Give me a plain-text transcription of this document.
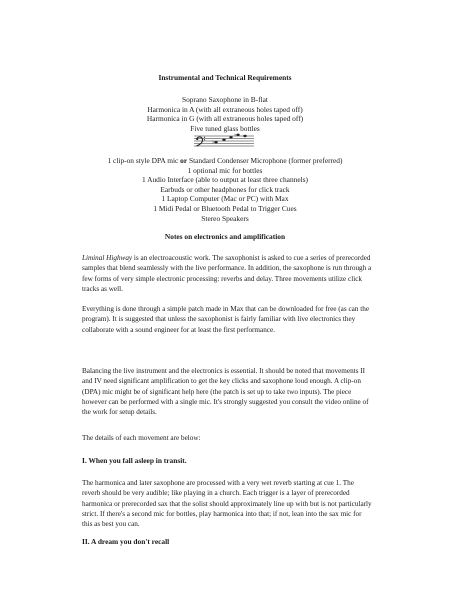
Instrumental and Technical Requirements
Soprano Saxophone in B-flat
Harmonica in A (with all extraneous holes taped off)
Harmonica in G (with all extraneous holes taped off)
Five tuned glass bottles
♭
♭
1 clip-on style DPA mic or Standard Condenser Microphone (former preferred)
1 optional mic for bottles
1 Audio Interface (able to output at least three channels)
Earbuds or other headphones for click track
1 Laptop Computer (Mac or PC) with Max
1 Midi Pedal or Bluetooth Pedal to Trigger Cues
Stereo Speakers
Notes on electronics and amplification

Liminal Highway is an electroacoustic work. The saxophonist is asked to cue a series of prerecorded samples that blend seamlessly with the live performance. In addition, the saxophone is run through a few forms of very simple electronic processing: reverbs and delay. Three movements utilize click tracks as well.

Everything is done through a simple patch made in Max that can be downloaded for free (as can the program). It is suggested that unless the saxophonist is fairly familiar with live electronics they collaborate with a sound engineer for at least the first performance.

Balancing the live instrument and the electronics is essential. It should be noted that movements II and IV need significant amplification to get the key clicks and saxophone loud enough. A clip-on (DPA) mic might be of significant help here (the patch is set up to take two inputs). The piece however can be performed with a single mic. It's strongly suggested you consult the video online of the work for setup details.

The details of each movement are below:

I. When you fall asleep in transit.

The harmonica and later saxophone are processed with a very wet reverb starting at cue 1. The reverb should be very audible; like playing in a church. Each trigger is a layer of prerecorded harmonica or prerecorded sax that the solist should approximately line up with but is not particularly strict. If there's a second mic for bottles, play harmonica into that; if not, lean into the sax mic for this as best you can.

II. A dream you don't recall
